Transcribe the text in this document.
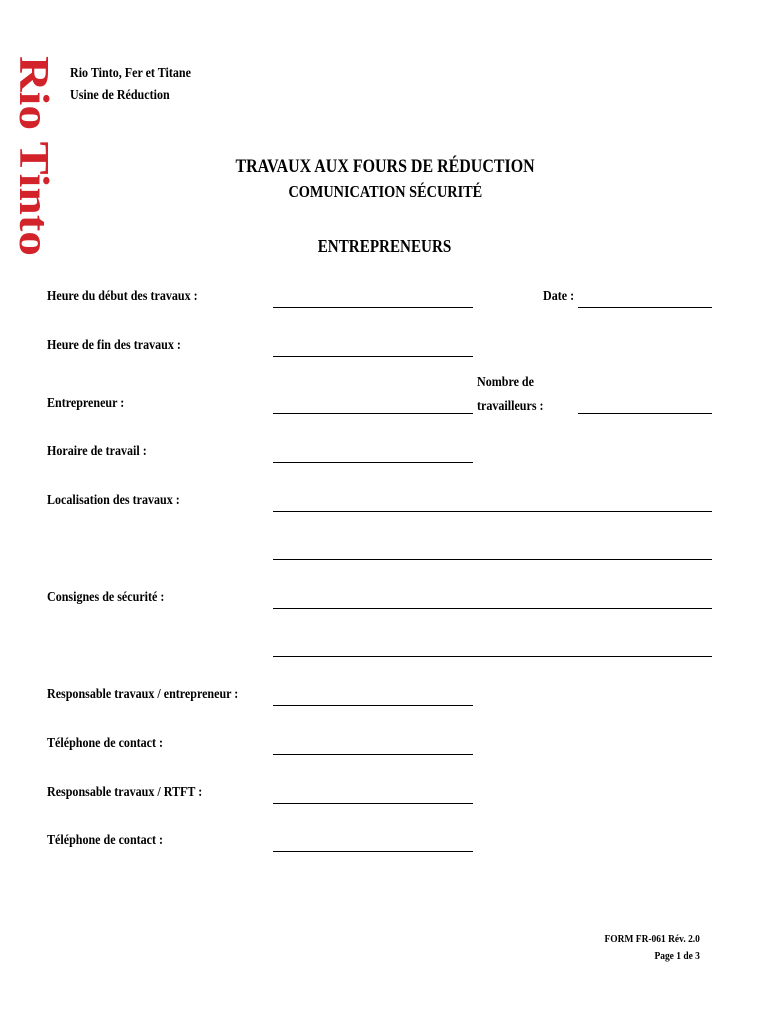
Rio Tinto Rio Tinto, Fer et Titane
Usine de Réduction
TRAVAUX AUX FOURS DE RÉDUCTION
COMUNICATION SÉCURITÉ
ENTREPRENEURS
Heure du début des travaux :	Date :
Heure de fin des travaux :
Entrepreneur :
Nombre de
travailleurs :
Horaire de travail :
Localisation des travaux :
Consignes de sécurité :
Responsable travaux / entrepreneur :
Téléphone de contact :
Responsable travaux / RTFT :
Téléphone de contact :
FORM FR-061 Rév. 2.0
Page 1 de 3
